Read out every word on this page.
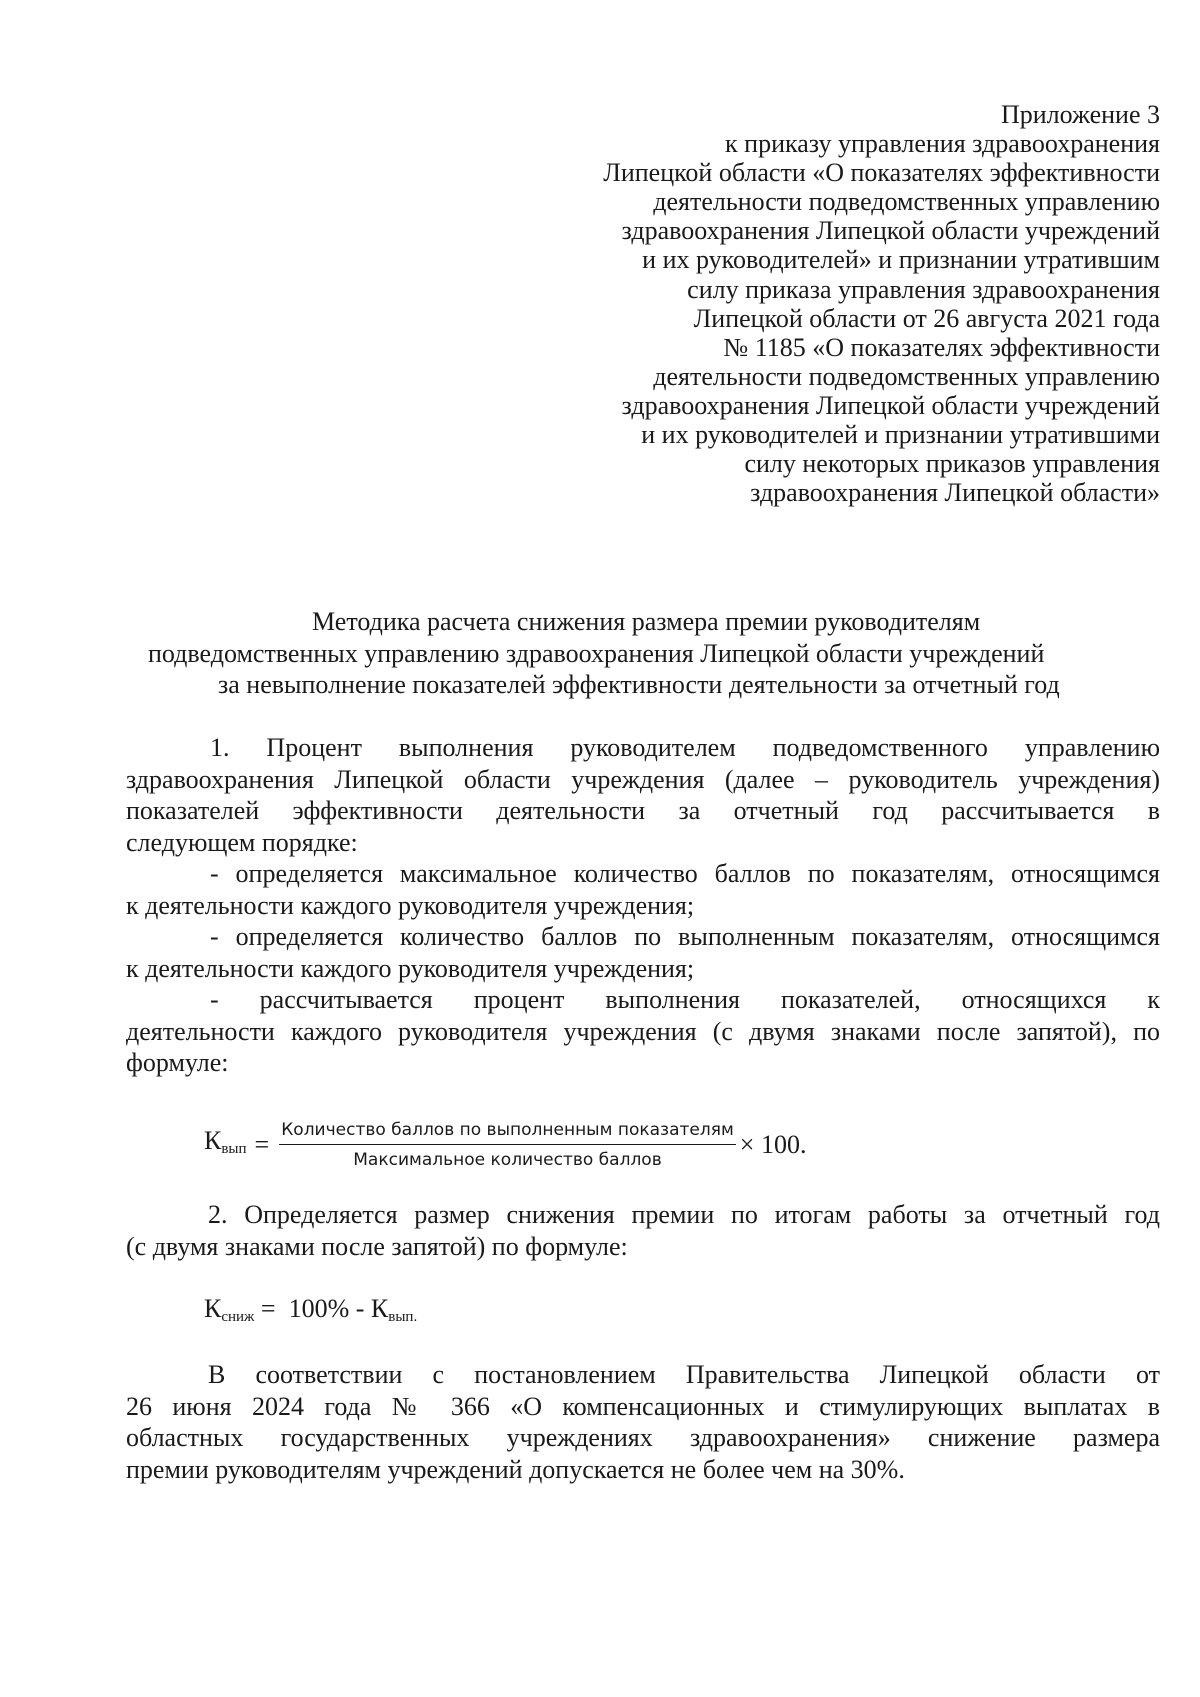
Приложение 3
к приказу управления здравоохранения
Липецкой области «О показателях эффективности
деятельности подведомственных управлению
здравоохранения Липецкой области учреждений
и их руководителей» и признании утратившим
силу приказа управления здравоохранения
Липецкой области от 26 августа 2021 года
№ 1185 «О показателях эффективности
деятельности подведомственных управлению
здравоохранения Липецкой области учреждений
и их руководителей и признании утратившими
силу некоторых приказов управления
здравоохранения Липецкой области»
Методика расчета снижения размера премии руководителям
подведомственных управлению здравоохранения Липецкой области учреждений
за невыполнение показателей эффективности деятельности за отчетный год
1. Процент выполнения руководителем подведомственного управлению
здравоохранения Липецкой области учреждения (далее – руководитель учреждения)
показателей эффективности деятельности за отчетный год рассчитывается в
следующем порядке:
- определяется максимальное количество баллов по показателям, относящимся
к деятельности каждого руководителя учреждения;
- определяется количество баллов по выполненным показателям, относящимся
к деятельности каждого руководителя учреждения;
- рассчитывается процент выполнения показателей, относящихся к
деятельности каждого руководителя учреждения (с двумя знаками после запятой), по
формуле:
$К_{вып} = \frac{\text{Количество баллов по выполненным показателям}}{\text{Максимальное количество баллов}} \times 100$.
2. Определяется размер снижения премии по итогам работы за отчетный год
(с двумя знаками после запятой) по формуле:
$К_{сниж} = 100\% - К_{вып.}$
В соответствии с постановлением Правительства Липецкой области от
26 июня 2024 года № 366 «О компенсационных и стимулирующих выплатах в
областных государственных учреждениях здравоохранения» снижение размера
премии руководителям учреждений допускается не более чем на 30%.
